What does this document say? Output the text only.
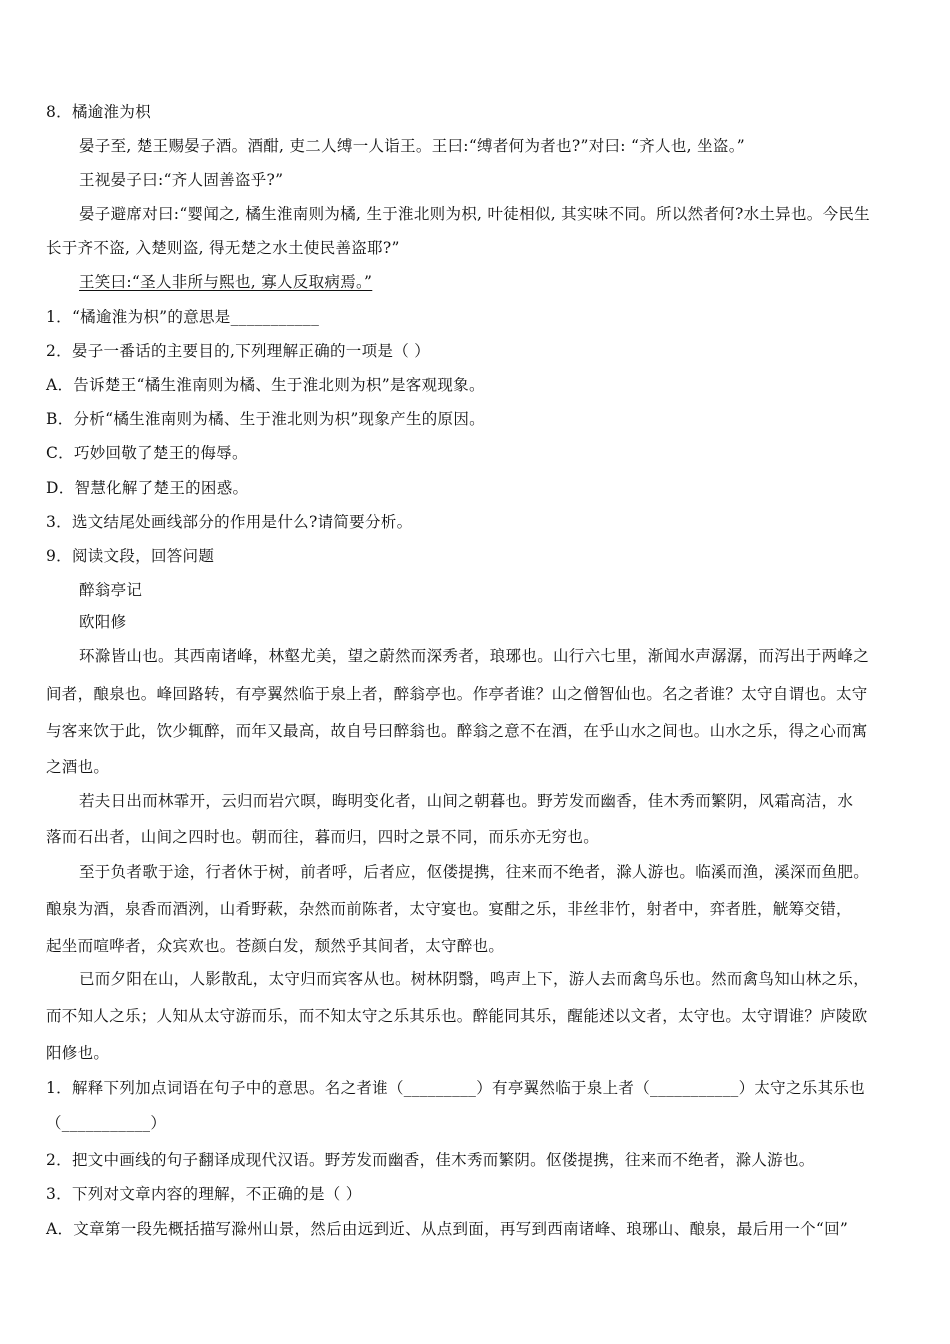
8．橘逾淮为枳
晏子至, 楚王赐晏子酒。酒酣, 吏二人缚一人诣王。王曰:“缚者何为者也?”对曰: “齐人也, 坐盗。”
王视晏子曰:“齐人固善盗乎?”
晏子避席对曰:“婴闻之, 橘生淮南则为橘, 生于淮北则为枳, 叶徒相似, 其实味不同。所以然者何?水土异也。今民生
长于齐不盗, 入楚则盗, 得无楚之水土使民善盗耶?”
王笑曰:“圣人非所与熙也, 寡人反取病焉。”
1．“橘逾淮为枳”的意思是___________
2．晏子一番话的主要目的,下列理解正确的一项是（ ）
A．告诉楚王“橘生淮南则为橘、生于淮北则为枳”是客观现象。
B．分析“橘生淮南则为橘、生于淮北则为枳”现象产生的原因。
C．巧妙回敬了楚王的侮辱。
D．智慧化解了楚王的困惑。
3．选文结尾处画线部分的作用是什么?请简要分析。
9．阅读文段，回答问题
醉翁亭记
欧阳修
环滁皆山也。其西南诸峰，林壑尤美，望之蔚然而深秀者，琅琊也。山行六七里，渐闻水声潺潺，而泻出于两峰之
间者，酿泉也。峰回路转，有亭翼然临于泉上者，醉翁亭也。作亭者谁？山之僧智仙也。名之者谁？太守自谓也。太守
与客来饮于此，饮少辄醉，而年又最高，故自号曰醉翁也。醉翁之意不在酒，在乎山水之间也。山水之乐，得之心而寓
之酒也。
若夫日出而林霏开，云归而岩穴暝，晦明变化者，山间之朝暮也。野芳发而幽香，佳木秀而繁阴，风霜高洁，水
落而石出者，山间之四时也。朝而往，暮而归，四时之景不同，而乐亦无穷也。
至于负者歌于途，行者休于树，前者呼，后者应，伛偻提携，往来而不绝者，滁人游也。临溪而渔，溪深而鱼肥。
酿泉为酒，泉香而酒洌，山肴野蔌，杂然而前陈者，太守宴也。宴酣之乐，非丝非竹，射者中，弈者胜，觥筹交错，
起坐而喧哗者，众宾欢也。苍颜白发，颓然乎其间者，太守醉也。
已而夕阳在山，人影散乱，太守归而宾客从也。树林阴翳，鸣声上下，游人去而禽鸟乐也。然而禽鸟知山林之乐，
而不知人之乐；人知从太守游而乐，而不知太守之乐其乐也。醉能同其乐，醒能述以文者，太守也。太守谓谁？庐陵欧
阳修也。
1．解释下列加点词语在句子中的意思。名之者谁（_________）有亭翼然临于泉上者（___________）太守之乐其乐也
（___________）
2．把文中画线的句子翻译成现代汉语。野芳发而幽香，佳木秀而繁阴。伛偻提携，往来而不绝者，滁人游也。
3．下列对文章内容的理解，不正确的是（ ）
A．文章第一段先概括描写滁州山景，然后由远到近、从点到面，再写到西南诸峰、琅琊山、酿泉，最后用一个“回”
